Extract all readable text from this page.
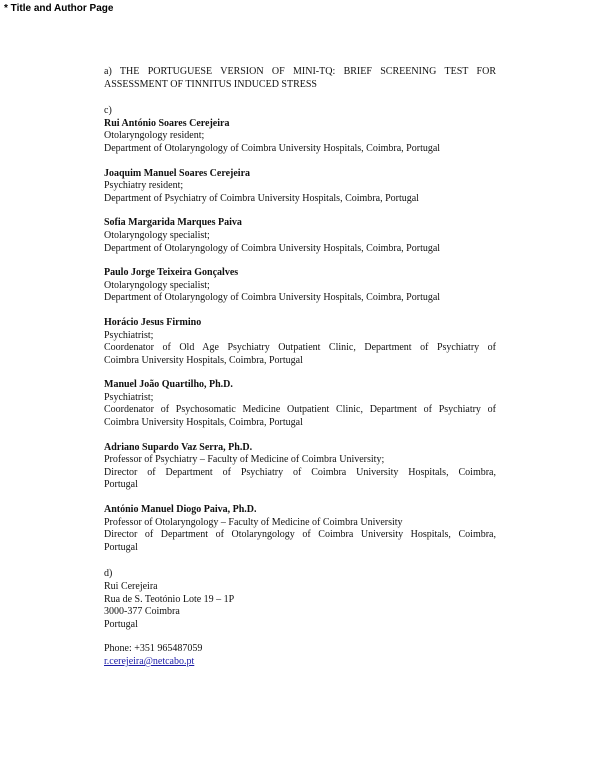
* Title and Author Page
a) THE PORTUGUESE VERSION OF MINI-TQ: BRIEF SCREENING TEST FOR
ASSESSMENT OF TINNITUS INDUCED STRESS
c)
Rui António Soares Cerejeira
Otolaryngology resident;
Department of Otolaryngology of Coimbra University Hospitals, Coimbra, Portugal
Joaquim Manuel Soares Cerejeira
Psychiatry resident;
Department of Psychiatry of Coimbra University Hospitals, Coimbra, Portugal
Sofia Margarida Marques Paiva
Otolaryngology specialist;
Department of Otolaryngology of Coimbra University Hospitals, Coimbra, Portugal
Paulo Jorge Teixeira Gonçalves
Otolaryngology specialist;
Department of Otolaryngology of Coimbra University Hospitals, Coimbra, Portugal
Horácio Jesus Firmino
Psychiatrist;
Coordenator of Old Age Psychiatry Outpatient Clinic, Department of Psychiatry of
Coimbra University Hospitals, Coimbra, Portugal
Manuel João Quartilho, Ph.D.
Psychiatrist;
Coordenator of Psychosomatic Medicine Outpatient Clinic, Department of Psychiatry of
Coimbra University Hospitals, Coimbra, Portugal
Adriano Supardo Vaz Serra, Ph.D.
Professor of Psychiatry – Faculty of Medicine of Coimbra University;
Director of Department of Psychiatry of Coimbra University Hospitals, Coimbra,
Portugal
António Manuel Diogo Paiva, Ph.D.
Professor of Otolaryngology – Faculty of Medicine of Coimbra University
Director of Department of Otolaryngology of Coimbra University Hospitals, Coimbra,
Portugal
d)
Rui Cerejeira
Rua de S. Teotónio Lote 19 – 1P
3000-377 Coimbra
Portugal
Phone: +351 965487059
r.cerejeira@netcabo.pt
